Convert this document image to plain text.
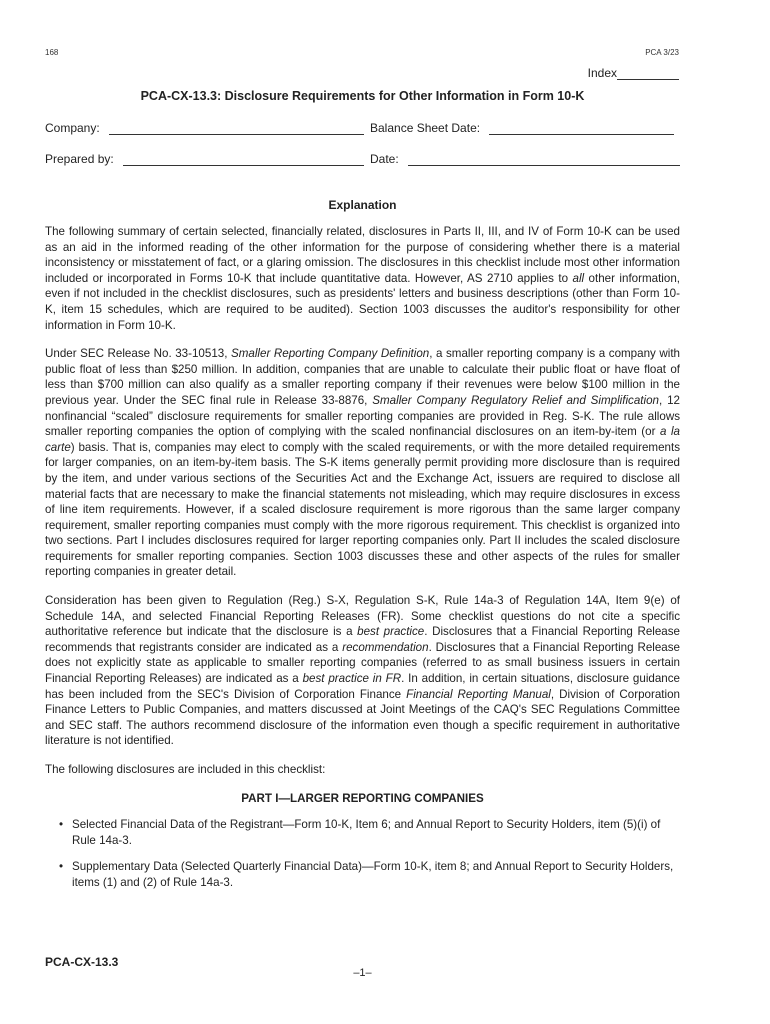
168	PCA 3/23
Index
PCA-CX-13.3: Disclosure Requirements for Other Information in Form 10-K
Company:	Balance Sheet Date:
Prepared by:	Date:
Explanation

The following summary of certain selected, financially related, disclosures in Parts II, III, and IV of Form 10-K can be used as an aid in the informed reading of the other information for the purpose of considering whether there is a material inconsistency or misstatement of fact, or a glaring omission. The disclosures in this checklist include most other information included or incorporated in Forms 10-K that include quantitative data. However, AS 2710 applies to all other information, even if not included in the checklist disclosures, such as presidents' letters and business descriptions (other than Form 10-K, item 15 schedules, which are required to be audited). Section 1003 discusses the auditor's responsibility for other information in Form 10-K.

Under SEC Release No. 33-10513, Smaller Reporting Company Definition, a smaller reporting company is a company with public float of less than $250 million. In addition, companies that are unable to calculate their public float or have float of less than $700 million can also qualify as a smaller reporting company if their revenues were below $100 million in the previous year. Under the SEC final rule in Release 33-8876, Smaller Company Regulatory Relief and Simplification, 12 nonfinancial “scaled” disclosure requirements for smaller reporting companies are provided in Reg. S-K. The rule allows smaller reporting companies the option of complying with the scaled nonfinancial disclosures on an item-by-item (or a la carte) basis. That is, companies may elect to comply with the scaled requirements, or with the more detailed requirements for larger companies, on an item-by-item basis. The S-K items generally permit providing more disclosure than is required by the item, and under various sections of the Securities Act and the Exchange Act, issuers are required to disclose all material facts that are necessary to make the financial statements not misleading, which may require disclosures in excess of line item requirements. However, if a scaled disclosure requirement is more rigorous than the same larger company requirement, smaller reporting companies must comply with the more rigorous requirement. This checklist is organized into two sections. Part I includes disclosures required for larger reporting companies only. Part II includes the scaled disclosure requirements for smaller reporting companies. Section 1003 discusses these and other aspects of the rules for smaller reporting companies in greater detail.

Consideration has been given to Regulation (Reg.) S-X, Regulation S-K, Rule 14a-3 of Regulation 14A, Item 9(e) of Schedule 14A, and selected Financial Reporting Releases (FR). Some checklist questions do not cite a specific authoritative reference but indicate that the disclosure is a best practice. Disclosures that a Financial Reporting Release recommends that registrants consider are indicated as a recommendation. Disclosures that a Financial Reporting Release does not explicitly state as applicable to smaller reporting companies (referred to as small business issuers in certain Financial Reporting Releases) are indicated as a best practice in FR. In addition, in certain situations, disclosure guidance has been included from the SEC's Division of Corporation Finance Financial Reporting Manual, Division of Corporation Finance Letters to Public Companies, and matters discussed at Joint Meetings of the CAQ's SEC Regulations Committee and SEC staff. The authors recommend disclosure of the information even though a specific requirement in authoritative literature is not identified.

The following disclosures are included in this checklist:

PART I—LARGER REPORTING COMPANIES
• Selected Financial Data of the Registrant—Form 10-K, Item 6; and Annual Report to Security Holders, item (5)(i) of Rule 14a-3.
• Supplementary Data (Selected Quarterly Financial Data)—Form 10-K, item 8; and Annual Report to Security Holders, items (1) and (2) of Rule 14a-3.
PCA-CX-13.3
–1–
